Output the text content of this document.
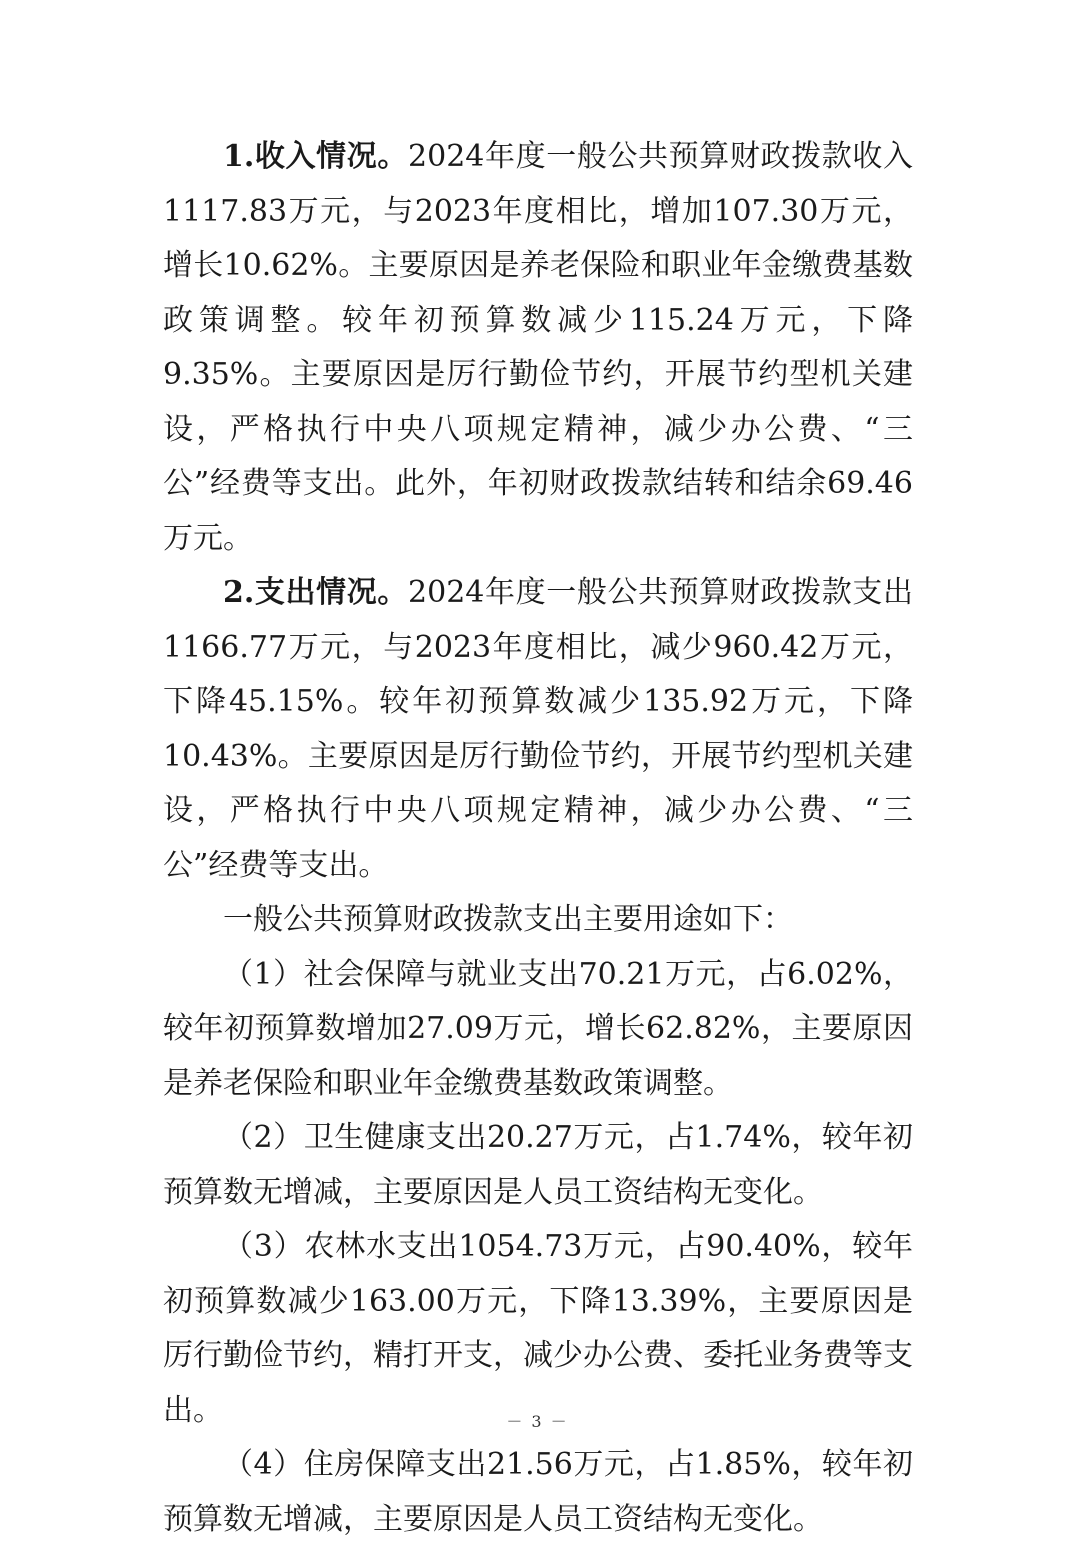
1.收入情况。2024年度一般公共预算财政拨款收入1117.83万元，与2023年度相比，增加107.30万元，增长10.62%。主要原因是养老保险和职业年金缴费基数政策调整。较年初预算数减少115.24万元，下降9.35%。主要原因是厉行勤俭节约，开展节约型机关建设，严格执行中央八项规定精神，减少办公费、“三公”经费等支出。此外，年初财政拨款结转和结余69.46万元。

2.支出情况。2024年度一般公共预算财政拨款支出1166.77万元，与2023年度相比，减少960.42万元，下降45.15%。较年初预算数减少135.92万元，下降10.43%。主要原因是厉行勤俭节约，开展节约型机关建设，严格执行中央八项规定精神，减少办公费、“三公”经费等支出。

一般公共预算财政拨款支出主要用途如下：

（1）社会保障与就业支出70.21万元，占6.02%，较年初预算数增加27.09万元，增长62.82%，主要原因是养老保险和职业年金缴费基数政策调整。

（2）卫生健康支出20.27万元，占1.74%，较年初预算数无增减，主要原因是人员工资结构无变化。

（3）农林水支出1054.73万元，占90.40%，较年初预算数减少163.00万元，下降13.39%，主要原因是厉行勤俭节约，精打开支，减少办公费、委托业务费等支出。

（4）住房保障支出21.56万元，占1.85%，较年初预算数无增减，主要原因是人员工资结构无变化。

－ 3 －
